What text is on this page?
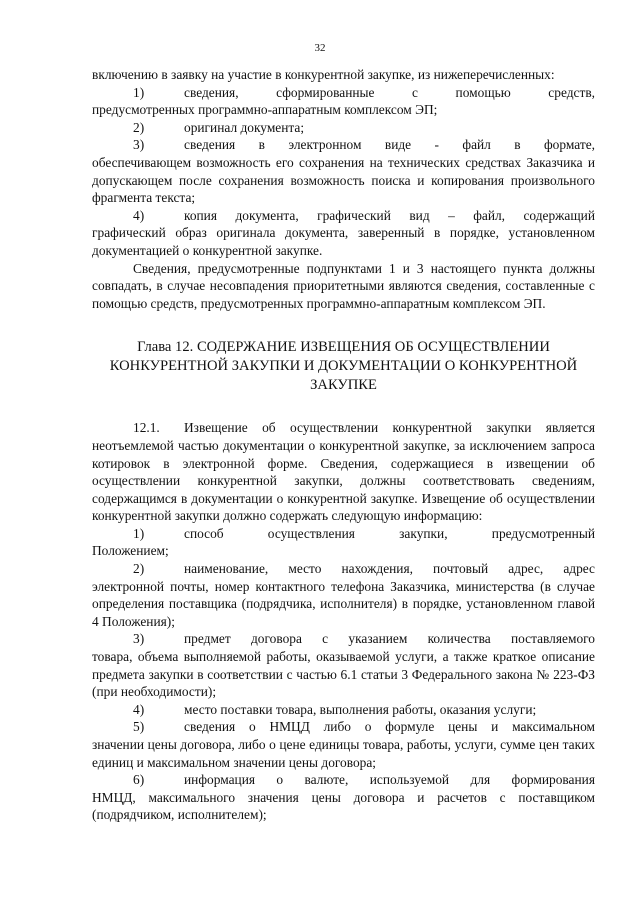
32

включению в заявку на участие в конкурентной закупке, из нижеперечисленных:

1)	сведения, сформированные с помощью средств,

предусмотренных программно-аппаратным комплексом ЭП;

2)	оригинал документа;
3)	сведения в электронном виде - файл в формате,

обеспечивающем возможность его сохранения на технических средствах Заказчика и допускающем после сохранения возможность поиска и копирования произвольного фрагмента текста;

4)	копия документа, графический вид – файл, содержащий

графический образ оригинала документа, заверенный в порядке, установленном документацией о конкурентной закупке.

Сведения, предусмотренные подпунктами 1 и 3 настоящего пункта должны совпадать, в случае несовпадения приоритетными являются сведения, составленные с помощью средств, предусмотренных программно-аппаратным комплексом ЭП.

Глава 12. СОДЕРЖАНИЕ ИЗВЕЩЕНИЯ ОБ ОСУЩЕСТВЛЕНИИ КОНКУРЕНТНОЙ ЗАКУПКИ И ДОКУМЕНТАЦИИ О КОНКУРЕНТНОЙ ЗАКУПКЕ
12.1.	Извещение об осуществлении конкурентной закупки является

неотъемлемой частью документации о конкурентной закупке, за исключением запроса котировок в электронной форме. Сведения, содержащиеся в извещении об осуществлении конкурентной закупки, должны соответствовать сведениям, содержащимся в документации о конкурентной закупке. Извещение об осуществлении конкурентной закупки должно содержать следующую информацию:

1)	способ осуществления закупки, предусмотренный

Положением;

2)	наименование, место нахождения, почтовый адрес, адрес

электронной почты, номер контактного телефона Заказчика, министерства (в случае определения поставщика (подрядчика, исполнителя) в порядке, установленном главой 4 Положения);

3)	предмет договора с указанием количества поставляемого

товара, объема выполняемой работы, оказываемой услуги, а также краткое описание предмета закупки в соответствии с частью 6.1 статьи 3 Федерального закона № 223-ФЗ (при необходимости);

4)	место поставки товара, выполнения работы, оказания услуги;
5)	сведения о НМЦД либо о формуле цены и максимальном

значении цены договора, либо о цене единицы товара, работы, услуги, сумме цен таких единиц и максимальном значении цены договора;

6)	информация о валюте, используемой для формирования

НМЦД, максимального значения цены договора и расчетов с поставщиком (подрядчиком, исполнителем);
